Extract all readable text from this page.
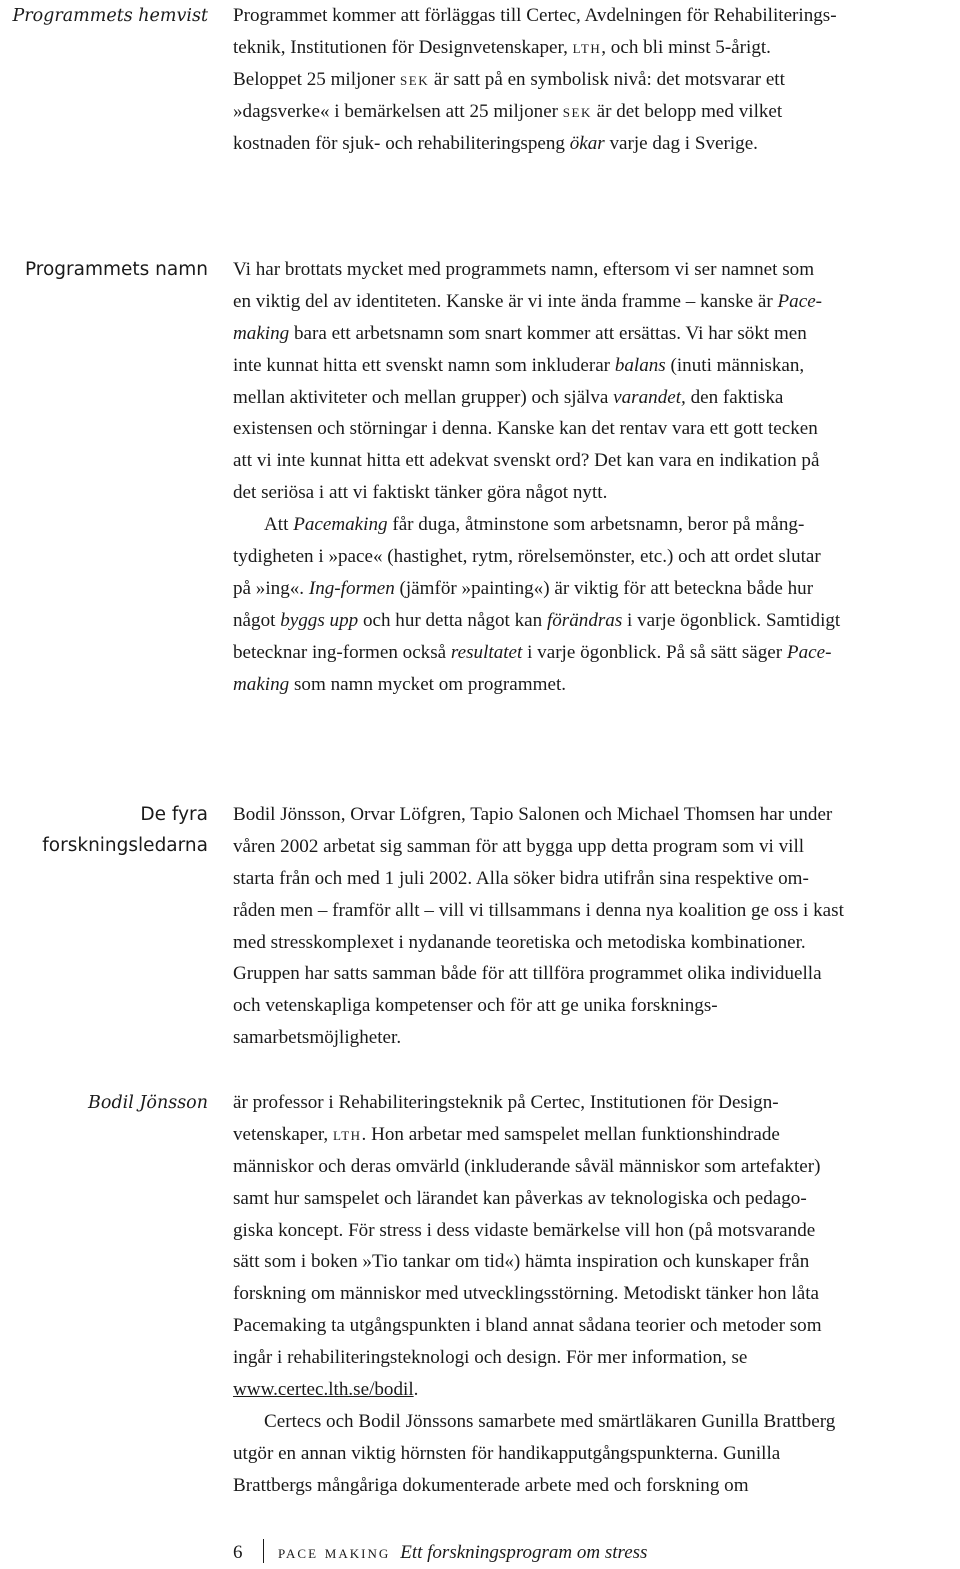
Programmets hemvist Programmet kommer att förläggas till Certec, Avdelningen för Rehabiliterings-
teknik, Institutionen för Designvetenskaper, lth, och bli minst 5-årigt.
Beloppet 25 miljoner sek är satt på en symbolisk nivå: det motsvarar ett
»dagsverke« i bemärkelsen att 25 miljoner sek är det belopp med vilket
kostnaden för sjuk- och rehabiliteringspeng ökar varje dag i Sverige.
Programmets namn Vi har brottats mycket med programmets namn, eftersom vi ser namnet som
en viktig del av identiteten. Kanske är vi inte ända framme – kanske är Pace-
making bara ett arbetsnamn som snart kommer att ersättas. Vi har sökt men
inte kunnat hitta ett svenskt namn som inkluderar balans (inuti människan,
mellan aktiviteter och mellan grupper) och själva varandet, den faktiska
existensen och störningar i denna. Kanske kan det rentav vara ett gott tecken
att vi inte kunnat hitta ett adekvat svenskt ord? Det kan vara en indikation på
det seriösa i att vi faktiskt tänker göra något nytt.
Att Pacemaking får duga, åtminstone som arbetsnamn, beror på mång-
tydigheten i »pace« (hastighet, rytm, rörelsemönster, etc.) och att ordet slutar
på »ing«. Ing-formen (jämför »painting«) är viktig för att beteckna både hur
något byggs upp och hur detta något kan förändras i varje ögonblick. Samtidigt
betecknar ing-formen också resultatet i varje ögonblick. På så sätt säger Pace-
making som namn mycket om programmet.
De fyra
forskningsledarna
Bodil Jönsson, Orvar Löfgren, Tapio Salonen och Michael Thomsen har under
våren 2002 arbetat sig samman för att bygga upp detta program som vi vill
starta från och med 1 juli 2002. Alla söker bidra utifrån sina respektive om-
råden men – framför allt – vill vi tillsammans i denna nya koalition ge oss i kast
med stresskomplexet i nydanande teoretiska och metodiska kombinationer.
Gruppen har satts samman både för att tillföra programmet olika individuella
och vetenskapliga kompetenser och för att ge unika forsknings-
samarbetsmöjligheter.
Bodil Jönsson är professor i Rehabiliteringsteknik på Certec, Institutionen för Design-
vetenskaper, lth. Hon arbetar med samspelet mellan funktionshindrade
människor och deras omvärld (inkluderande såväl människor som artefakter)
samt hur samspelet och lärandet kan påverkas av teknologiska och pedago-
giska koncept. För stress i dess vidaste bemärkelse vill hon (på motsvarande
sätt som i boken »Tio tankar om tid«) hämta inspiration och kunskaper från
forskning om människor med utvecklingsstörning. Metodiskt tänker hon låta
Pacemaking ta utgångspunkten i bland annat sådana teorier och metoder som
ingår i rehabiliteringsteknologi och design. För mer information, se
www.certec.lth.se/bodil.
Certecs och Bodil Jönssons samarbete med smärtläkaren Gunilla Brattberg
utgör en annan viktig hörnsten för handikapputgångspunkterna. Gunilla
Brattbergs mångåriga dokumenterade arbete med och forskning om
6 pace making Ett forskningsprogram om stress
